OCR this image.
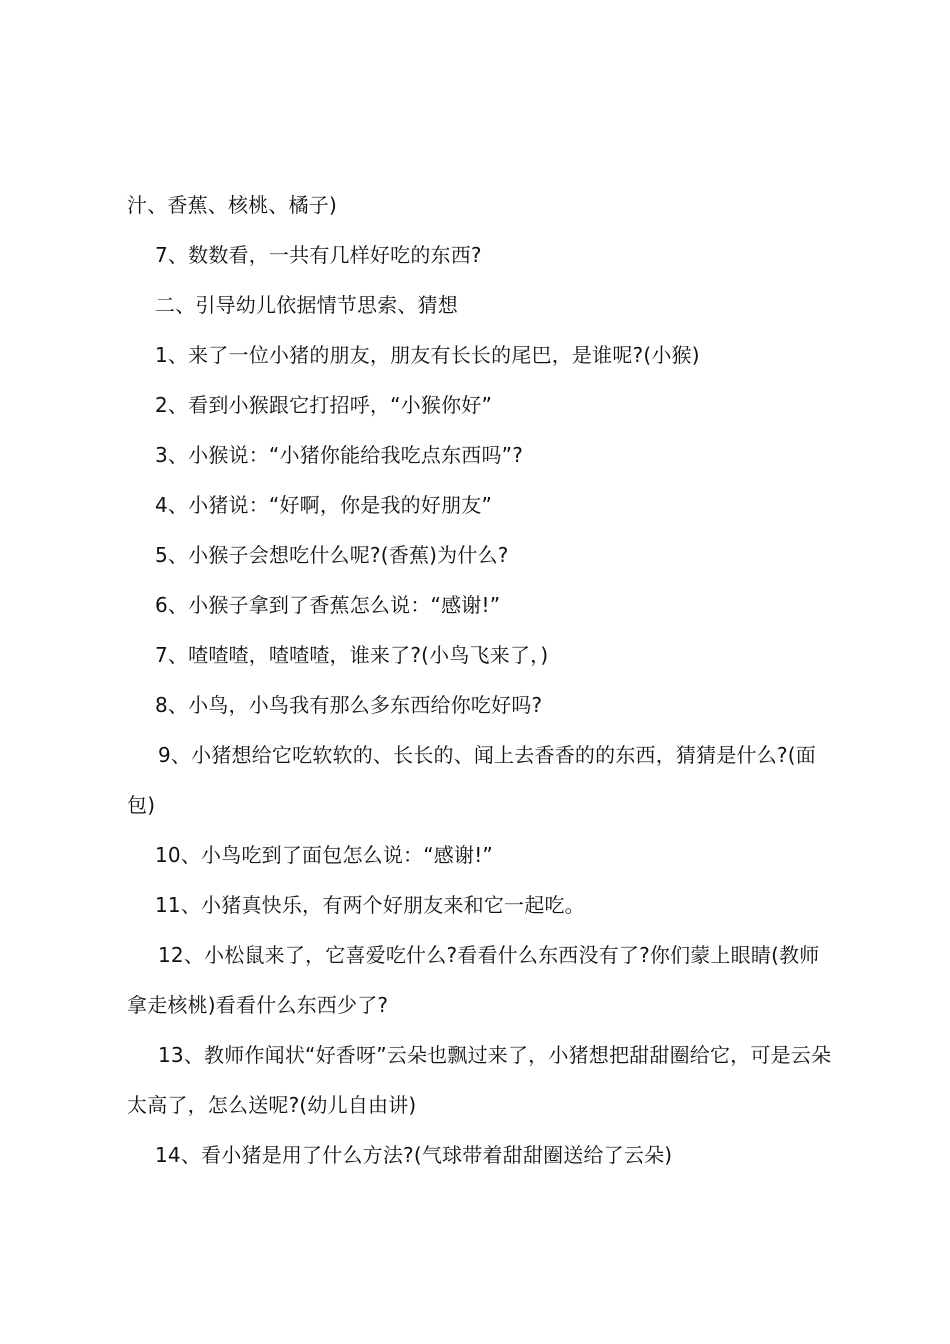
汁、香蕉、核桃、橘子)

7、数数看，一共有几样好吃的东西?

二、引导幼儿依据情节思索、猜想

1、来了一位小猪的朋友，朋友有长长的尾巴，是谁呢?(小猴)

2、看到小猴跟它打招呼，“小猴你好”

3、小猴说：“小猪你能给我吃点东西吗”?

4、小猪说：“好啊，你是我的好朋友”

5、小猴子会想吃什么呢?(香蕉)为什么?

6、小猴子拿到了香蕉怎么说：“感谢!”

7、喳喳喳，喳喳喳，谁来了?(小鸟飞来了，)

8、小鸟，小鸟我有那么多东西给你吃好吗?

9、小猪想给它吃软软的、长长的、闻上去香香的的东西，猜猜是什么?(面包)

10、小鸟吃到了面包怎么说：“感谢!”

11、小猪真快乐，有两个好朋友来和它一起吃。

12、小松鼠来了，它喜爱吃什么?看看什么东西没有了?你们蒙上眼睛(教师拿走核桃)看看什么东西少了?

13、教师作闻状“好香呀”云朵也飘过来了，小猪想把甜甜圈给它，可是云朵太高了，怎么送呢?(幼儿自由讲)

14、看小猪是用了什么方法?(气球带着甜甜圈送给了云朵)
